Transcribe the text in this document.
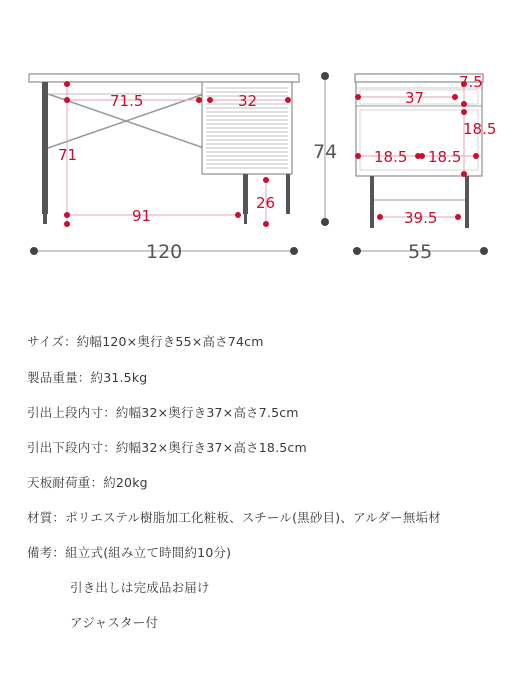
71.5	32
71
91
26
120
74
37
7.5
18.5
18.5 18.5
39.5
55
サイズ：約幅120×奥行き55×高さ74cm
製品重量：約31.5kg
引出上段内寸：約幅32×奥行き37×高さ7.5cm
引出下段内寸：約幅32×奥行き37×高さ18.5cm
天板耐荷重：約20kg
材質：ポリエステル樹脂加工化粧板、スチール(黒砂目)、アルダー無垢材
備考：組立式(組み立て時間約10分)
引き出しは完成品お届け
アジャスター付
